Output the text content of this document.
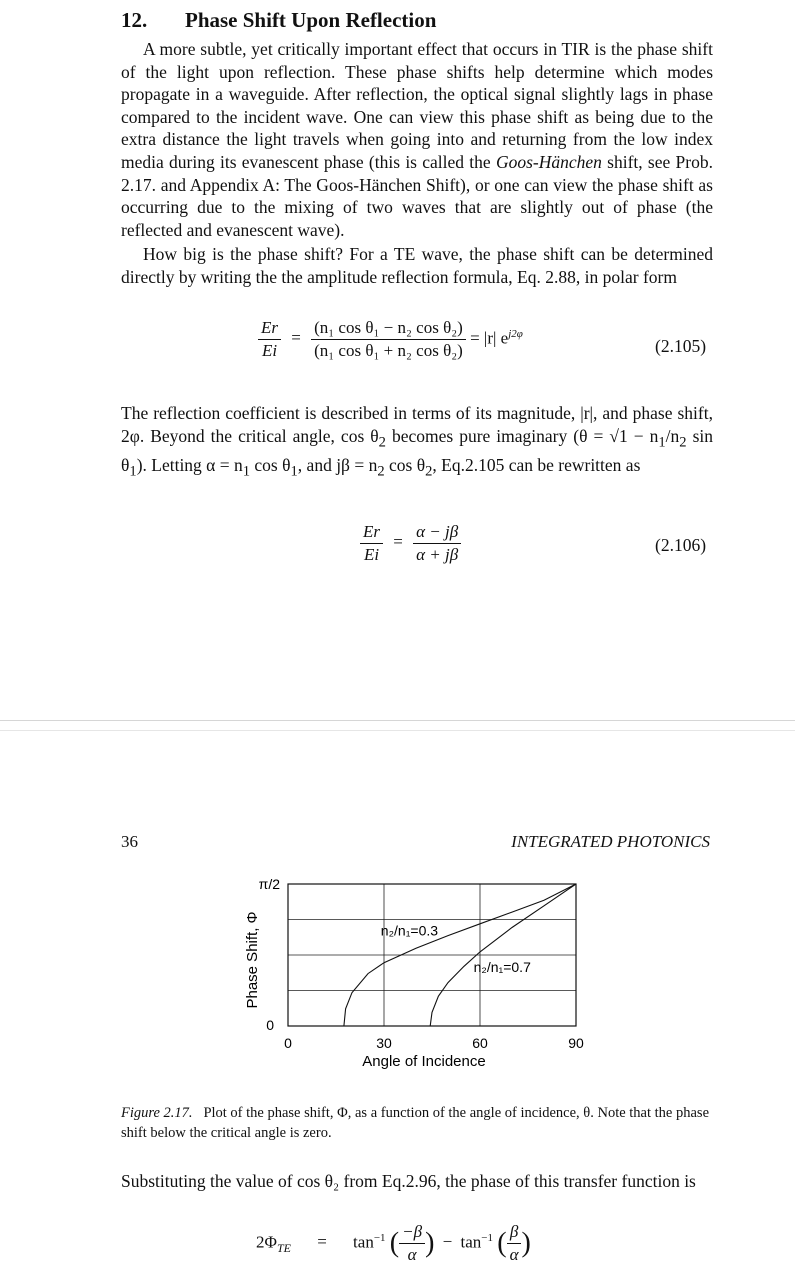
12. Phase Shift Upon Reflection
A more subtle, yet critically important effect that occurs in TIR is the phase shift of the light upon reflection. These phase shifts help determine which modes propagate in a waveguide. After reflection, the optical signal slightly lags in phase compared to the incident wave. One can view this phase shift as being due to the extra distance the light travels when going into and returning from the low index media during its evanescent phase (this is called the Goos-Hänchen shift, see Prob. 2.17. and Appendix A: The Goos-Hänchen Shift), or one can view the phase shift as occurring due to the mixing of two waves that are slightly out of phase (the reflected and evanescent wave).
How big is the phase shift? For a TE wave, the phase shift can be determined directly by writing the the amplitude reflection formula, Eq. 2.88, in polar form
$\frac{Er}{Ei} = \frac{\text{(n₁ cos θ₁ − n₂ cos θ₂)}}{\text{(n₁ cos θ₁ + n₂ cos θ₂)}} = |r|$ $e^{j2\varphi}$
(2.105)
The reflection coefficient is described in terms of its magnitude, |r|, and phase shift, 2φ. Beyond the critical angle, $\cos \theta_2$ becomes pure imaginary ($\theta = √1 - n_1/n_2$ $\sin \theta_1$). Letting $\alpha = n_1$ $\cos \theta_1$, and $j\beta = n_2$ $\cos \theta_2$, Eq.2.105 can be rewritten as
$\frac{Er}{Ei} = \frac{\alpha - j\beta}{\alpha + j\beta}$	(2.106)
36	INTEGRATED PHOTONICS
π/2
0
0	30	60	90
Angle of Incidence
Phase Shift, Φ	n₂/n₁=0.3
n₂/n₁=0.7
Figure 2.17. Plot of the phase shift, Φ, as a function of the angle of incidence, θ. Note that the phase shift below the critical angle is zero.
Substituting the value of cos θ₂ from Eq.2.96, the phase of this transfer function is
$2\Phi_{TE} = \tan^{-1}$ ( $\frac{-\beta}{\alpha}$ ) − $\tan^{-1}$ ( $\frac{\beta}{\alpha}$ )
